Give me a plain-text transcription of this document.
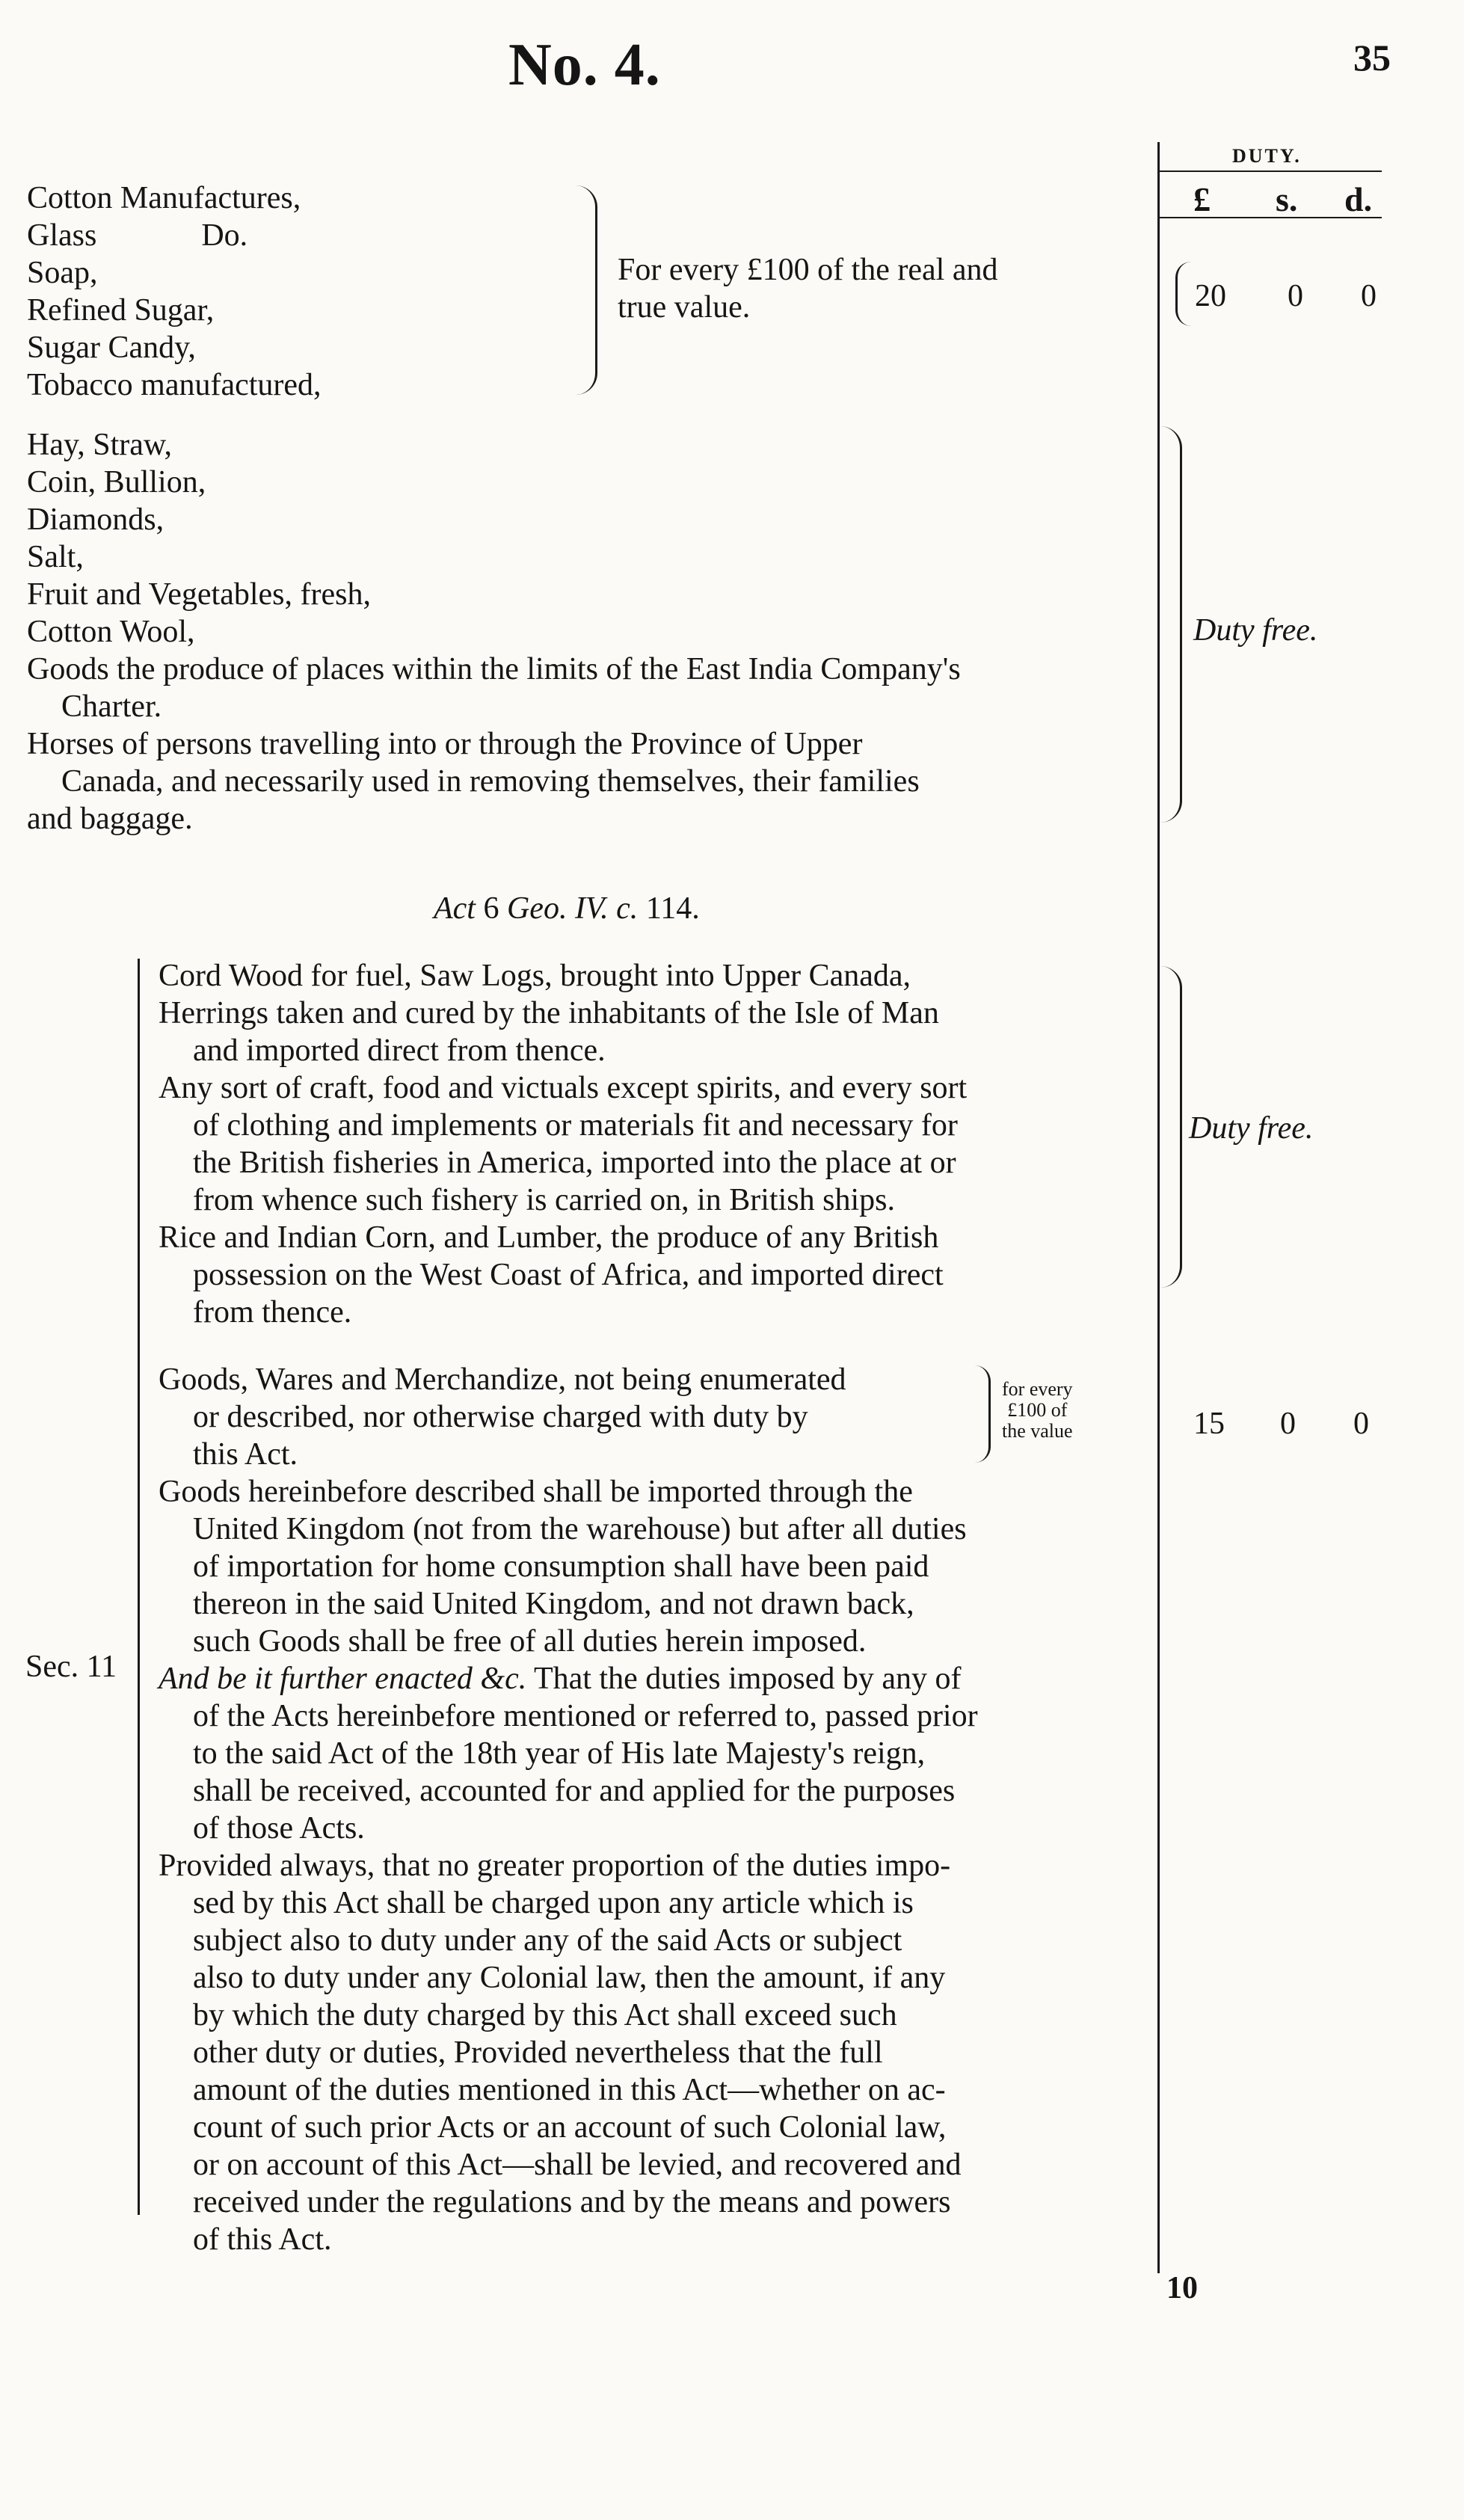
No. 4.	35
DUTY.
£ s. d.
Cotton Manufactures,
Glass	Do.
Soap,
Refined Sugar,
Sugar Candy,
Tobacco manufactured,
For every £100 of the real and
true value.	20 0 0
Hay, Straw,
Coin, Bullion,
Diamonds,
Salt,
Fruit and Vegetables, fresh,
Cotton Wool,
Goods the produce of places within the limits of the East India Company's
Charter.
Horses of persons travelling into or through the Province of Upper
Canada, and necessarily used in removing themselves, their families
and baggage.
Duty free.
Act 6 Geo. IV. c. 114.
Cord Wood for fuel, Saw Logs, brought into Upper Canada,
Herrings taken and cured by the inhabitants of the Isle of Man
and imported direct from thence.
Any sort of craft, food and victuals except spirits, and every sort
of clothing and implements or materials fit and necessary for
the British fisheries in America, imported into the place at or
from whence such fishery is carried on, in British ships.
Rice and Indian Corn, and Lumber, the produce of any British
possession on the West Coast of Africa, and imported direct
from thence.
Duty free.
Goods, Wares and Merchandize, not being enumerated
or described, nor otherwise charged with duty by
this Act.
for every
£100 of
the value	15 0 0
Goods hereinbefore described shall be imported through the
United Kingdom (not from the warehouse) but after all duties
of importation for home consumption shall have been paid
thereon in the said United Kingdom, and not drawn back,
such Goods shall be free of all duties herein imposed.
Sec. 11 And be it further enacted &c. That the duties imposed by any of
of the Acts hereinbefore mentioned or referred to, passed prior
to the said Act of the 18th year of His late Majesty's reign,
shall be received, accounted for and applied for the purposes
of those Acts.
Provided always, that no greater proportion of the duties impo-
sed by this Act shall be charged upon any article which is
subject also to duty under any of the said Acts or subject
also to duty under any Colonial law, then the amount, if any
by which the duty charged by this Act shall exceed such
other duty or duties, Provided nevertheless that the full
amount of the duties mentioned in this Act—whether on ac-
count of such prior Acts or an account of such Colonial law,
or on account of this Act—shall be levied, and recovered and
received under the regulations and by the means and powers
of this Act.
10
